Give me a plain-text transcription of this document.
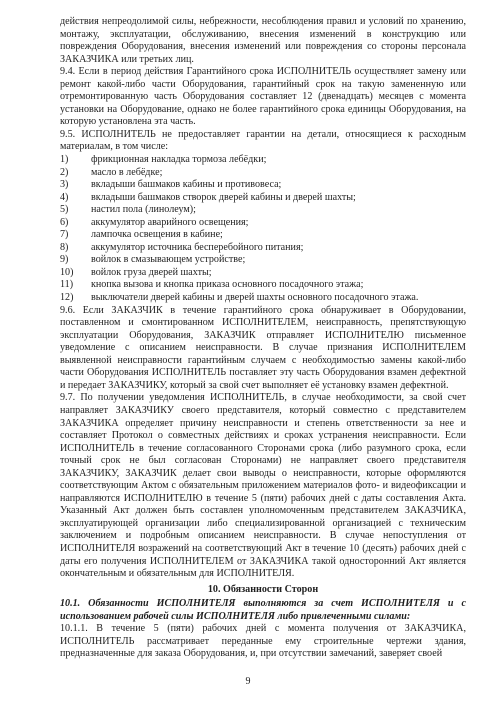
действия непреодолимой силы, небрежности, несоблюдения правил и условий по хранению, монтажу, эксплуатации, обслуживанию, внесения изменений в конструкцию или повреждения Оборудования, внесения изменений или повреждения со стороны персонала ЗАКАЗЧИКА или третьих лиц.

9.4. Если в период действия Гарантийного срока ИСПОЛНИТЕЛЬ осуществляет замену или ремонт какой-либо части Оборудования, гарантийный срок на такую замененную или отремонтированную часть Оборудования составляет 12 (двенадцать) месяцев с момента установки на Оборудование, однако не более гарантийного срока единицы Оборудования, на которую установлена эта часть.

9.5. ИСПОЛНИТЕЛЬ не предоставляет гарантии на детали, относящиеся к расходным материалам, в том числе:

1)	фрикционная накладка тормоза лебёдки;
2)	масло в лебёдке;
3)	вкладыши башмаков кабины и противовеса;
4)	вкладыши башмаков створок дверей кабины и дверей шахты;
5)	настил пола (линолеум);
6)	аккумулятор аварийного освещения;
7)	лампочка освещения в кабине;
8)	аккумулятор источника бесперебойного питания;
9)	войлок в смазывающем устройстве;
10)	войлок груза дверей шахты;
11)	кнопка вызова и кнопка приказа основного посадочного этажа;
12)	выключатели дверей кабины и дверей шахты основного посадочного этажа.

9.6. Если ЗАКАЗЧИК в течение гарантийного срока обнаруживает в Оборудовании, поставленном и смонтированном ИСПОЛНИТЕЛЕМ, неисправность, препятствующую эксплуатации Оборудования, ЗАКАЗЧИК отправляет ИСПОЛНИТЕЛЮ письменное уведомление с описанием неисправности. В случае признания ИСПОЛНИТЕЛЕМ выявленной неисправности гарантийным случаем с необходимостью замены какой-либо части Оборудования ИСПОЛНИТЕЛЬ поставляет эту часть Оборудования взамен дефектной и передает ЗАКАЗЧИКУ, который за свой счет выполняет её установку взамен дефектной.

9.7. По получении уведомления ИСПОЛНИТЕЛЬ, в случае необходимости, за свой счет направляет ЗАКАЗЧИКУ своего представителя, который совместно с представителем ЗАКАЗЧИКА определяет причину неисправности и степень ответственности за нее и составляет Протокол о совместных действиях и сроках устранения неисправности. Если ИСПОЛНИТЕЛЬ в течение согласованного Сторонами срока (либо разумного срока, если точный срок не был согласован Сторонами) не направляет своего представителя ЗАКАЗЧИКУ, ЗАКАЗЧИК делает свои выводы о неисправности, которые оформляются соответствующим Актом с обязательным приложением материалов фото- и видеофиксации и направляются ИСПОЛНИТЕЛЮ в течение 5 (пяти) рабочих дней с даты составления Акта. Указанный Акт должен быть составлен уполномоченным представителем ЗАКАЗЧИКА, эксплуатирующей организации либо специализированной организацией с техническим заключением и подробным описанием неисправности. В случае непоступления от ИСПОЛНИТЕЛЯ возражений на соответствующий Акт в течение 10 (десять) рабочих дней с даты его получения ИСПОЛНИТЕЛЕМ от ЗАКАЗЧИКА такой односторонний Акт является окончательным и обязательным для ИСПОЛНИТЕЛЯ.

10. Обязанности Сторон

10.1. Обязанности ИСПОЛНИТЕЛЯ выполняются за счет ИСПОЛНИТЕЛЯ и с использованием рабочей силы ИСПОЛНИТЕЛЯ либо привлеченными силами:

10.1.1. В течение 5 (пяти) рабочих дней с момента получения от ЗАКАЗЧИКА, ИСПОЛНИТЕЛЬ рассматривает переданные ему строительные чертежи здания, предназначенные для заказа Оборудования, и, при отсутствии замечаний, заверяет своей

9
